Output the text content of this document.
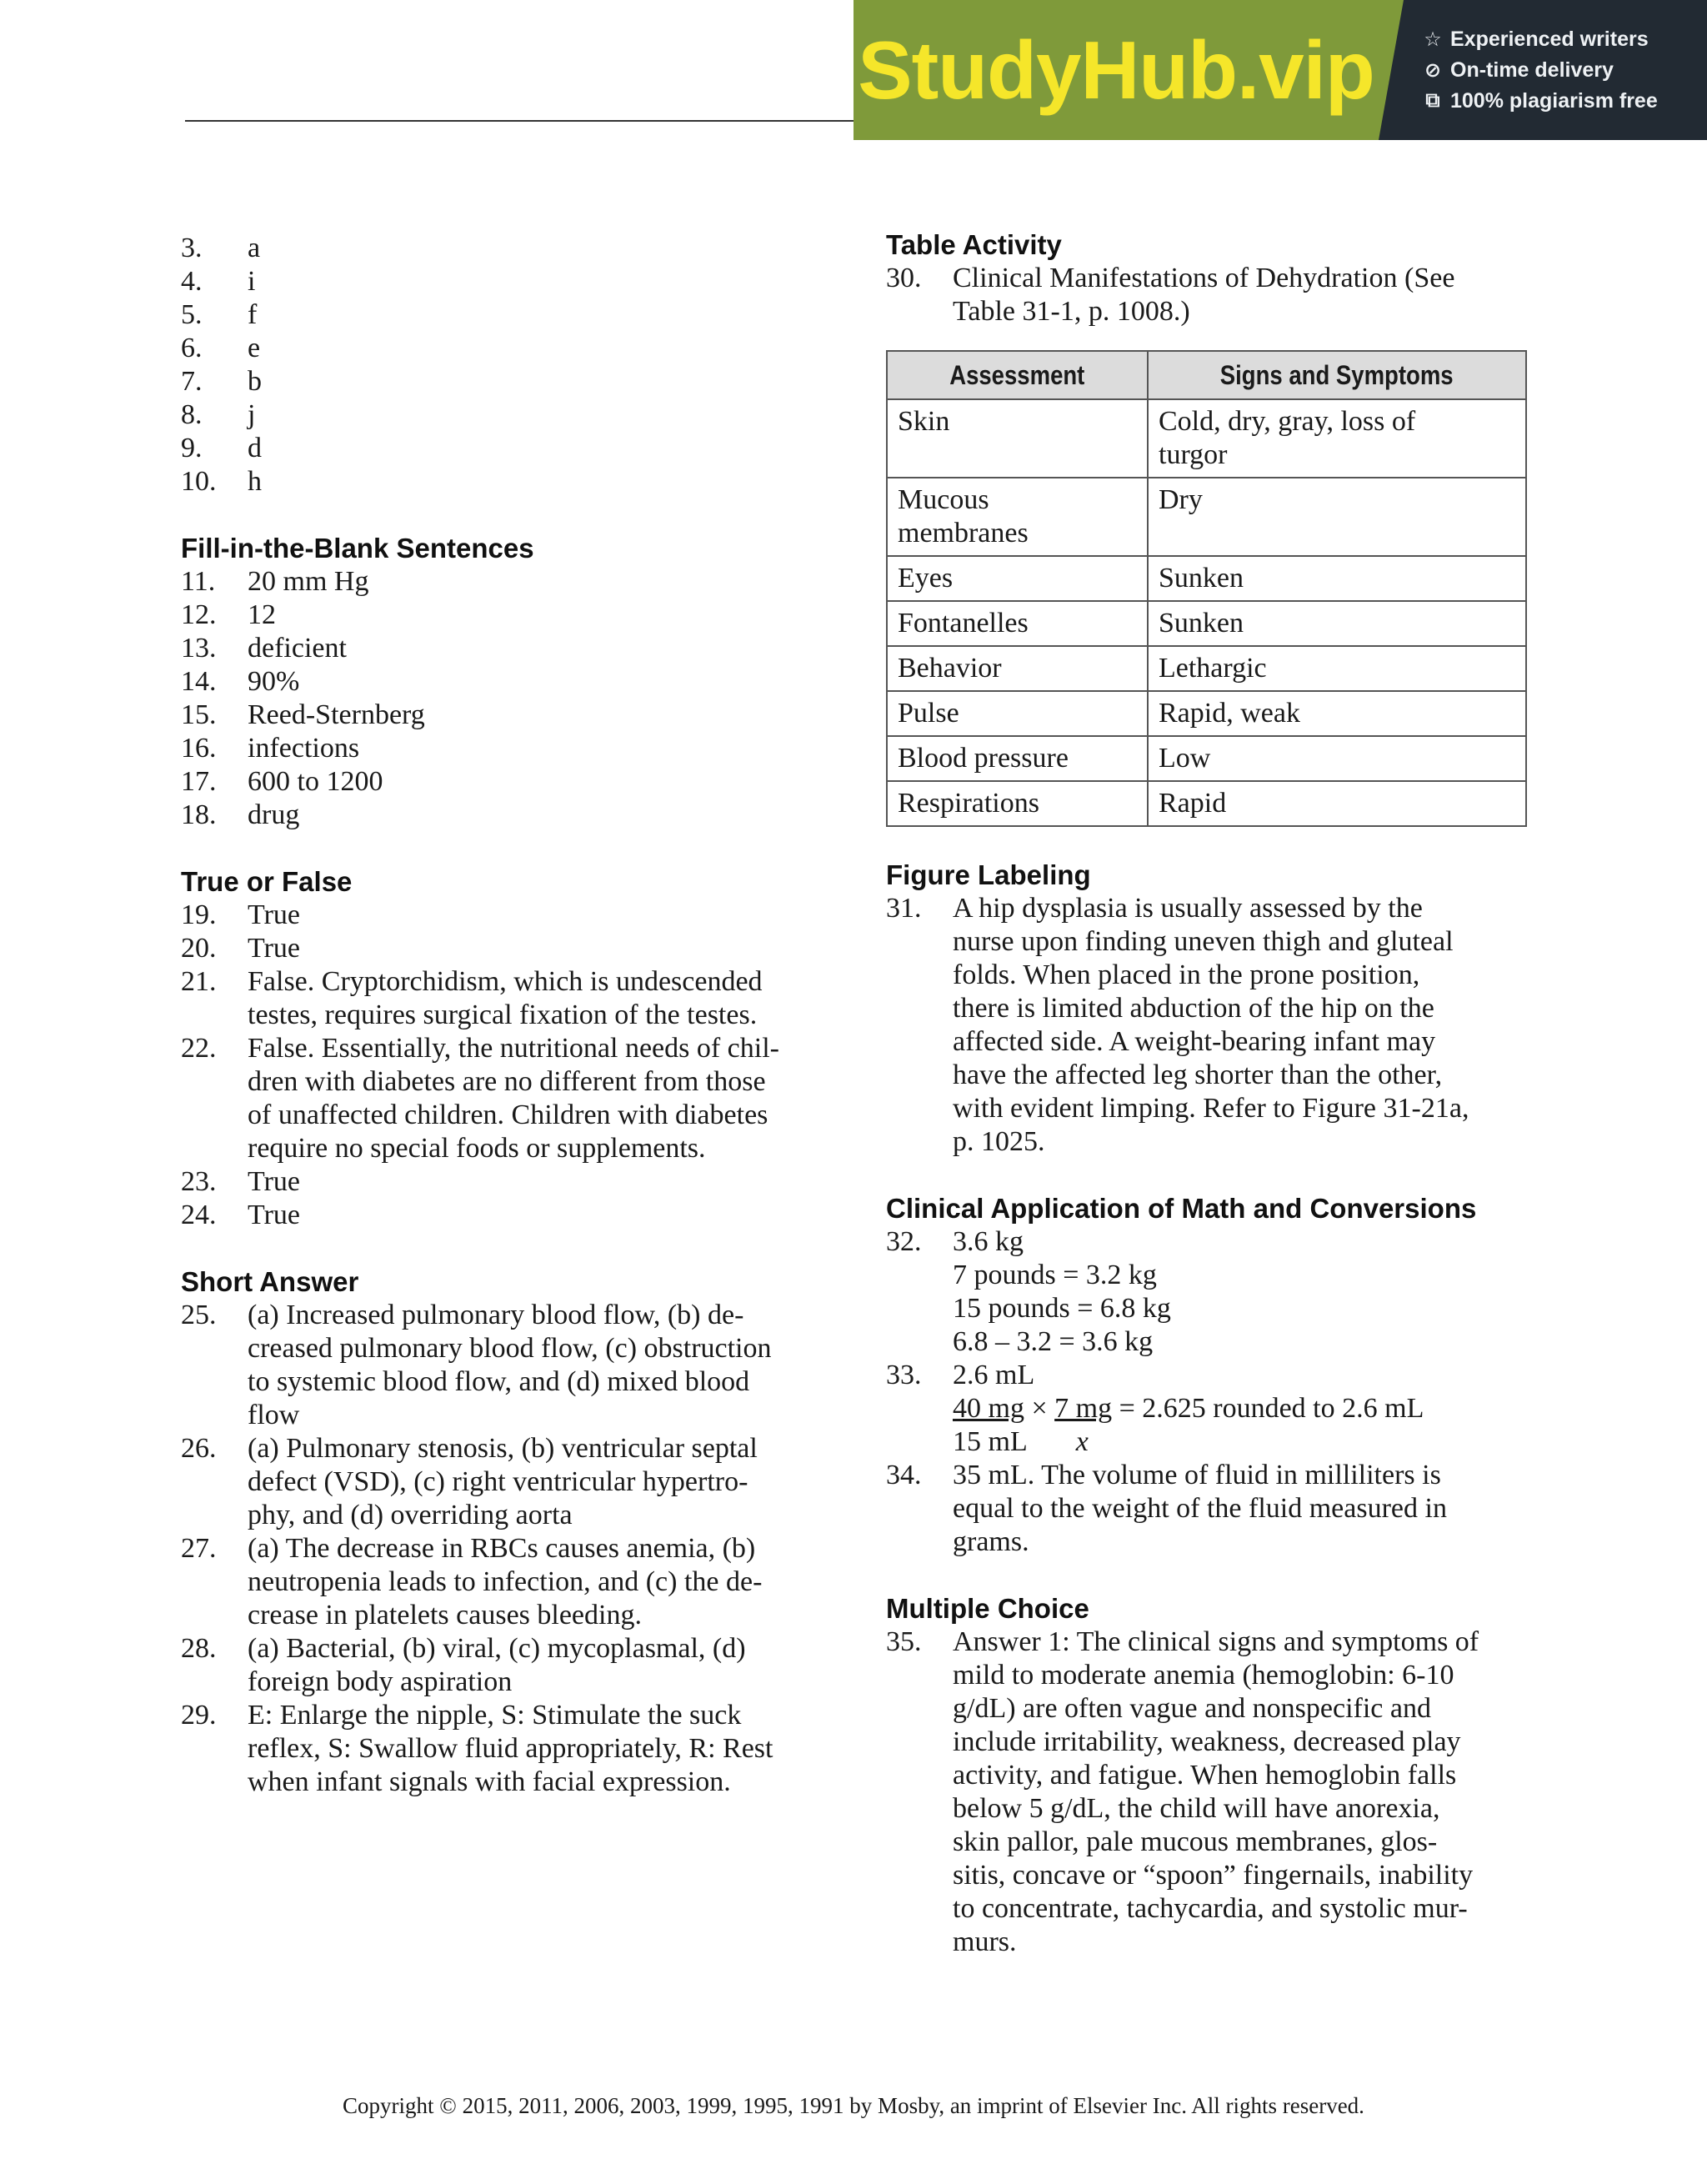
StudyHub.vip ☆ Experienced writers
⊘ On-time delivery
⧉ 100% plagiarism free
3. a
4. i
5. f
6. e
7. b
8. j
9. d
10. h
Fill-in-the-Blank Sentences
11. 20 mm Hg
12. 12
13. deficient
14. 90%
15. Reed-Sternberg
16. infections
17. 600 to 1200
18. drug
True or False
19. True
20. True
21. False. Cryptorchidism, which is undescended
testes, requires surgical fixation of the testes.
22. False. Essentially, the nutritional needs of chil-
dren with diabetes are no different from those
of unaffected children. Children with diabetes
require no special foods or supplements.
23. True
24. True
Short Answer
25. (a) Increased pulmonary blood flow, (b) de-
creased pulmonary blood flow, (c) obstruction
to systemic blood flow, and (d) mixed blood
flow
26. (a) Pulmonary stenosis, (b) ventricular septal
defect (VSD), (c) right ventricular hypertro-
phy, and (d) overriding aorta
27. (a) The decrease in RBCs causes anemia, (b)
neutropenia leads to infection, and (c) the de-
crease in platelets causes bleeding.
28. (a) Bacterial, (b) viral, (c) mycoplasmal, (d)
foreign body aspiration
29. E: Enlarge the nipple, S: Stimulate the suck
reflex, S: Swallow fluid appropriately, R: Rest
when infant signals with facial expression.
Table Activity
30. Clinical Manifestations of Dehydration (See
Table 31-1, p. 1008.)
Figure Labeling
31. A hip dysplasia is usually assessed by the
nurse upon finding uneven thigh and gluteal
folds. When placed in the prone position,
there is limited abduction of the hip on the
affected side. A weight-bearing infant may
have the affected leg shorter than the other,
with evident limping. Refer to Figure 31-21a,
p. 1025.
Clinical Application of Math and Conversions
32. 3.6 kg
7 pounds = 3.2 kg
15 pounds = 6.8 kg
6.8 – 3.2 = 3.6 kg
33. 2.6 mL
40 mg × 7 mg = 2.625 rounded to 2.6 mL
15 mL x
34. 35 mL. The volume of fluid in milliliters is
equal to the weight of the fluid measured in
grams.
Multiple Choice
35. Answer 1: The clinical signs and symptoms of
mild to moderate anemia (hemoglobin: 6-10
g/dL) are often vague and nonspecific and
include irritability, weakness, decreased play
activity, and fatigue. When hemoglobin falls
below 5 g/dL, the child will have anorexia,
skin pallor, pale mucous membranes, glos-
sitis, concave or “spoon” fingernails, inability
to concentrate, tachycardia, and systolic mur-
murs.
Assessment	Signs and Symptoms

Skin	Cold, dry, gray, loss of
turgor

Mucous
membranes	Dry

Eyes	Sunken

Fontanelles	Sunken

Behavior	Lethargic

Pulse	Rapid, weak

Blood pressure	Low

Respirations	Rapid
Copyright © 2015, 2011, 2006, 2003, 1999, 1995, 1991 by Mosby, an imprint of Elsevier Inc. All rights reserved.
